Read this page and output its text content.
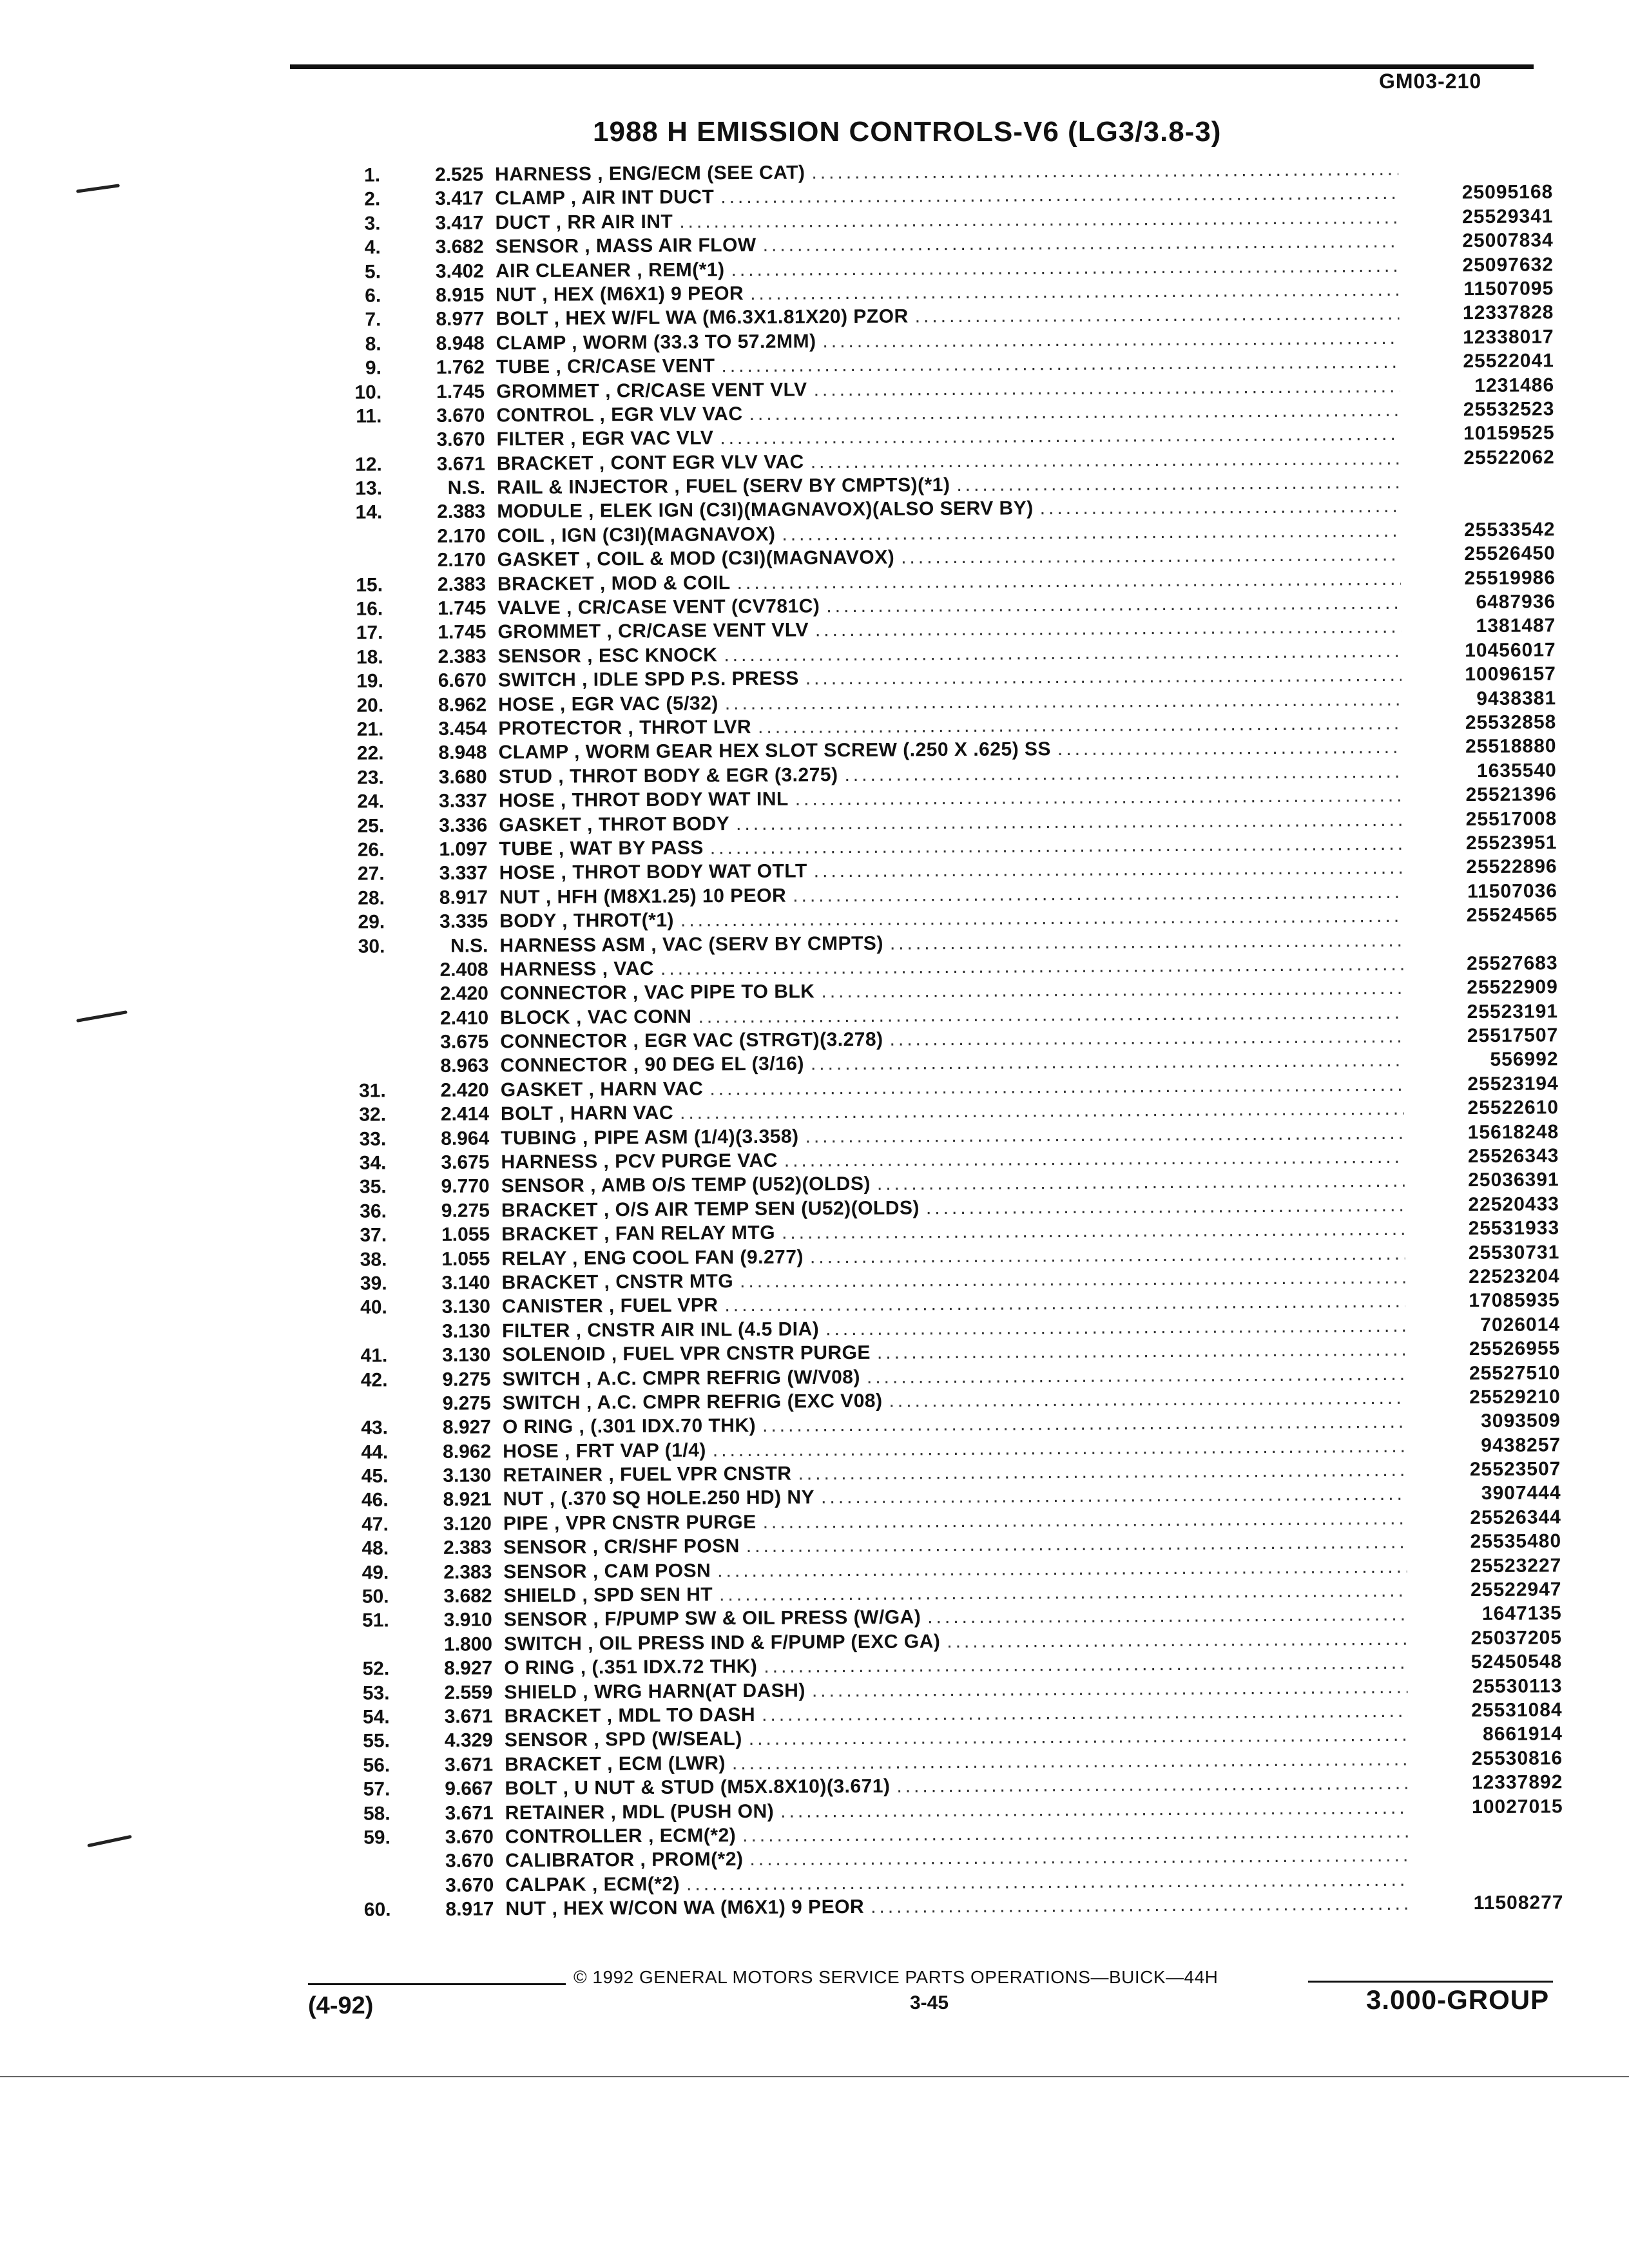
GM03-210
1988 H EMISSION CONTROLS-V6 (LG3/3.8-3)
1.	2.525 HARNESS , ENG/ECM (SEE CAT)
.....
2.	3.417 CLAMP , AIR INT DUCT .....	25095168
3.	3.417 DUCT , RR AIR INT .....	25529341
4.	3.682 SENSOR , MASS AIR FLOW .....	25007834
5.	3.402 AIR CLEANER , REM(*1) .....	25097632
6.	8.915 NUT , HEX (M6X1) 9 PEOR .....	11507095
7.	8.977 BOLT , HEX W/FL WA (M6.3X1.81X20) PZOR .....	12337828
8.	8.948 CLAMP , WORM (33.3 TO 57.2MM) .....	12338017
9.	1.762 TUBE , CR/CASE VENT .....	25522041
10.	1.745 GROMMET , CR/CASE VENT VLV .....	1231486
11.	3.670 CONTROL , EGR VLV VAC .....	25532523
3.670 FILTER , EGR VAC VLV .....	10159525
12.	3.671 BRACKET , CONT EGR VLV VAC .....	25522062
13.	N.S. RAIL & INJECTOR , FUEL (SERV BY CMPTS)(*1)
.....
14.	2.383 MODULE , ELEK IGN (C3I)(MAGNAVOX)(ALSO SERV BY)
.....
2.170 COIL , IGN (C3I)(MAGNAVOX) .....	25533542
2.170 GASKET , COIL & MOD (C3I)(MAGNAVOX) .....	25526450
15.	2.383 BRACKET , MOD & COIL .....	25519986
16.	1.745 VALVE , CR/CASE VENT (CV781C) .....	6487936
17.	1.745 GROMMET , CR/CASE VENT VLV .....	1381487
18.	2.383 SENSOR , ESC KNOCK .....	10456017
19.	6.670 SWITCH , IDLE SPD P.S. PRESS .....	10096157
20.	8.962 HOSE , EGR VAC (5/32) .....	9438381
21.	3.454 PROTECTOR , THROT LVR .....	25532858
22.	8.948 CLAMP , WORM GEAR HEX SLOT SCREW (.250 X .625) SS .....	25518880
23.	3.680 STUD , THROT BODY & EGR (3.275) .....	1635540
24.	3.337 HOSE , THROT BODY WAT INL .....	25521396
25.	3.336 GASKET , THROT BODY .....	25517008
26.	1.097 TUBE , WAT BY PASS .....	25523951
27.	3.337 HOSE , THROT BODY WAT OTLT .....	25522896
28.	8.917 NUT , HFH (M8X1.25) 10 PEOR .....	11507036
29.	3.335 BODY , THROT(*1) .....	25524565
30.	N.S. HARNESS ASM , VAC (SERV BY CMPTS)
.....
2.408 HARNESS , VAC .....	25527683
2.420 CONNECTOR , VAC PIPE TO BLK .....	25522909
2.410 BLOCK , VAC CONN .....	25523191
3.675 CONNECTOR , EGR VAC (STRGT)(3.278) .....	25517507
8.963 CONNECTOR , 90 DEG EL (3/16) .....	556992
31.	2.420 GASKET , HARN VAC .....	25523194
32.	2.414 BOLT , HARN VAC .....	25522610
33.	8.964 TUBING , PIPE ASM (1/4)(3.358) .....	15618248
34.	3.675 HARNESS , PCV PURGE VAC .....	25526343
35.	9.770 SENSOR , AMB O/S TEMP (U52)(OLDS) .....	25036391
36.	9.275 BRACKET , O/S AIR TEMP SEN (U52)(OLDS) .....	22520433
37.	1.055 BRACKET , FAN RELAY MTG .....	25531933
38.	1.055 RELAY , ENG COOL FAN (9.277) .....	25530731
39.	3.140 BRACKET , CNSTR MTG .....	22523204
40.	3.130 CANISTER , FUEL VPR .....	17085935
3.130 FILTER , CNSTR AIR INL (4.5 DIA) .....	7026014
41.	3.130 SOLENOID , FUEL VPR CNSTR PURGE .....	25526955
42.	9.275 SWITCH , A.C. CMPR REFRIG (W/V08) .....	25527510
9.275 SWITCH , A.C. CMPR REFRIG (EXC V08) .....	25529210
43.	8.927 O RING , (.301 IDX.70 THK) .....	3093509
44.	8.962 HOSE , FRT VAP (1/4) .....	9438257
45.	3.130 RETAINER , FUEL VPR CNSTR .....	25523507
46.	8.921 NUT , (.370 SQ HOLE.250 HD) NY .....	3907444
47.	3.120 PIPE , VPR CNSTR PURGE .....	25526344
48.	2.383 SENSOR , CR/SHF POSN .....	25535480
49.	2.383 SENSOR , CAM POSN .....	25523227
50.	3.682 SHIELD , SPD SEN HT .....	25522947
51.	3.910 SENSOR , F/PUMP SW & OIL PRESS (W/GA) .....	1647135
1.800 SWITCH , OIL PRESS IND & F/PUMP (EXC GA) .....	25037205
52.	8.927 O RING , (.351 IDX.72 THK) .....	52450548
53.	2.559 SHIELD , WRG HARN(AT DASH) .....	25530113
54.	3.671 BRACKET , MDL TO DASH .....	25531084
55.	4.329 SENSOR , SPD (W/SEAL) .....	8661914
56.	3.671 BRACKET , ECM (LWR) .....	25530816
57.	9.667 BOLT , U NUT & STUD (M5X.8X10)(3.671) .....	12337892
58.	3.671 RETAINER , MDL (PUSH ON) .....	10027015
59.	3.670 CONTROLLER , ECM(*2)
.....
3.670 CALIBRATOR , PROM(*2)
.....
3.670 CALPAK , ECM(*2)
.....
60.	8.917 NUT , HEX W/CON WA (M6X1) 9 PEOR .....	11508277
© 1992 GENERAL MOTORS SERVICE PARTS OPERATIONS—BUICK—44H
(4-92)	3-45	3.000-GROUP
